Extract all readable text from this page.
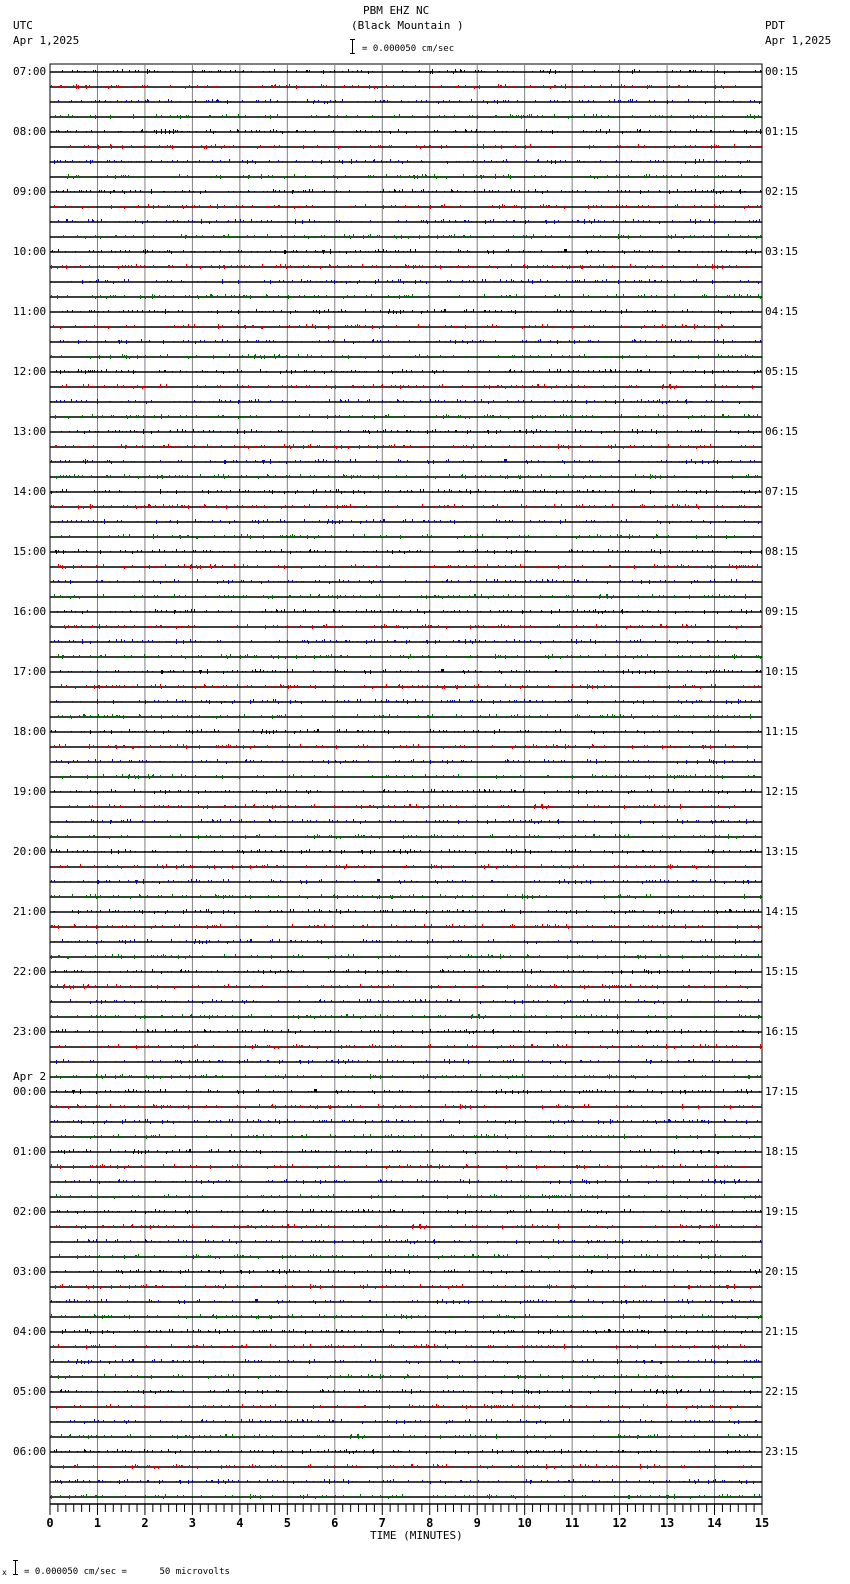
PBM EHZ NC
(Black Mountain )
UTC
Apr 1,2025
PDT
Apr 1,2025
= 0.000050 cm/sec
TIME (MINUTES)
x = 0.000050 cm/sec =      50 microvolts
07:00
08:00
09:00
10:00
11:00
12:00
13:00
14:00
15:00
16:00
17:00
18:00
19:00
20:00
21:00
22:00
23:00
00:00
01:00
02:00
03:00
04:00
05:00
06:00
00:15
01:15
02:15
03:15
04:15
05:15
06:15
07:15
08:15
09:15
10:15
11:15
12:15
13:15
14:15
15:15
16:15
17:15
18:15
19:15
20:15
21:15
22:15
23:15
Apr 2
0	1	2	3	4	5	6	7	8	9	10	11	12	13	14	15
